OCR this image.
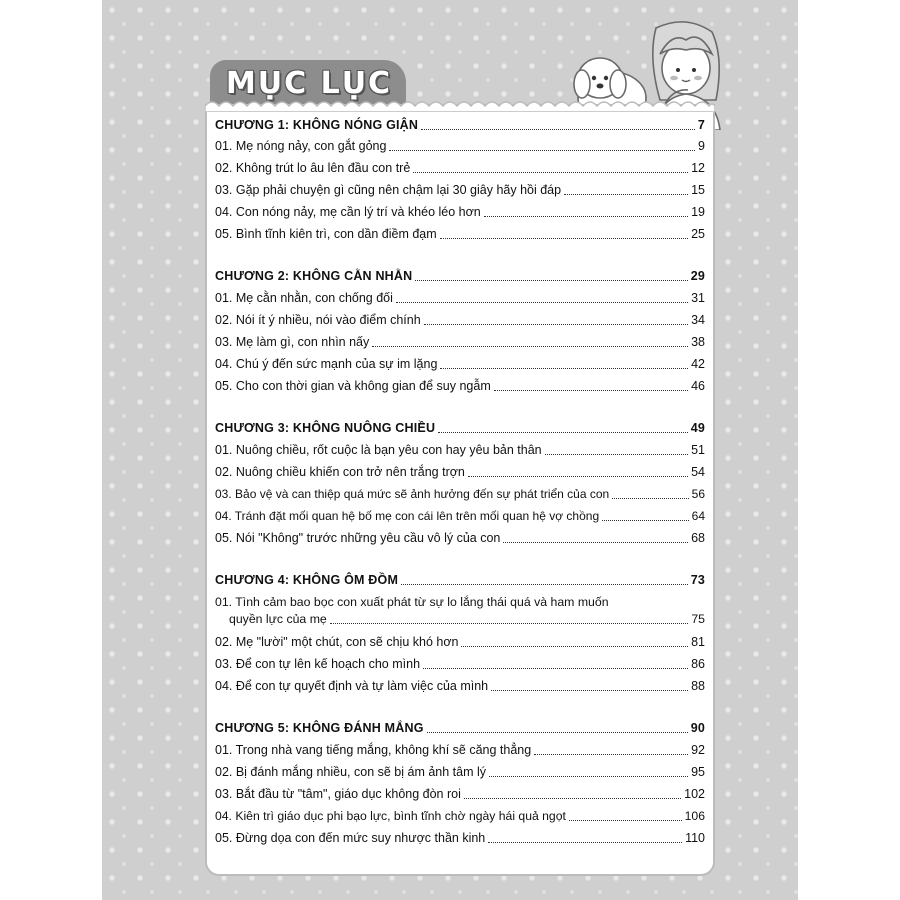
MỤC LỤC
CHƯƠNG 1: KHÔNG NÓNG GIẬN	7
01. Mẹ nóng nảy, con gắt gỏng	9
02. Không trút lo âu lên đầu con trẻ	12
03. Gặp phải chuyện gì cũng nên chậm lại 30 giây hãy hồi đáp	15
04. Con nóng nảy, mẹ cần lý trí và khéo léo hơn	19
05. Bình tĩnh kiên trì, con dần điềm đạm	25
CHƯƠNG 2: KHÔNG CẰN NHẰN	29
01. Mẹ cằn nhằn, con chống đối	31
02. Nói ít ý nhiều, nói vào điểm chính	34
03. Mẹ làm gì, con nhìn nấy	38
04. Chú ý đến sức mạnh của sự im lặng	42
05. Cho con thời gian và không gian để suy ngẫm	46
CHƯƠNG 3: KHÔNG NUÔNG CHIỀU	49
01. Nuông chiều, rốt cuộc là bạn yêu con hay yêu bản thân	51
02. Nuông chiều khiến con trở nên trắng trợn	54
03. Bảo vệ và can thiệp quá mức sẽ ảnh hưởng đến sự phát triển của con	56
04. Tránh đặt mối quan hệ bố mẹ con cái lên trên mối quan hệ vợ chồng	64
05. Nói "Không" trước những yêu cầu vô lý của con	68
CHƯƠNG 4: KHÔNG ÔM ĐỒM	73
01. Tình cảm bao bọc con xuất phát từ sự lo lắng thái quá và ham muốn
quyền lực của mẹ	75
02. Mẹ "lười" một chút, con sẽ chịu khó hơn	81
03. Để con tự lên kế hoạch cho mình	86
04. Để con tự quyết định và tự làm việc của mình	88
CHƯƠNG 5: KHÔNG ĐÁNH MẮNG	90
01. Trong nhà vang tiếng mắng, không khí sẽ căng thẳng	92
02. Bị đánh mắng nhiều, con sẽ bị ám ảnh tâm lý	95
03. Bắt đầu từ "tâm", giáo dục không đòn roi	102
04. Kiên trì giáo dục phi bạo lực, bình tĩnh chờ ngày hái quả ngọt	106
05. Đừng dọa con đến mức suy nhược thần kinh	110
